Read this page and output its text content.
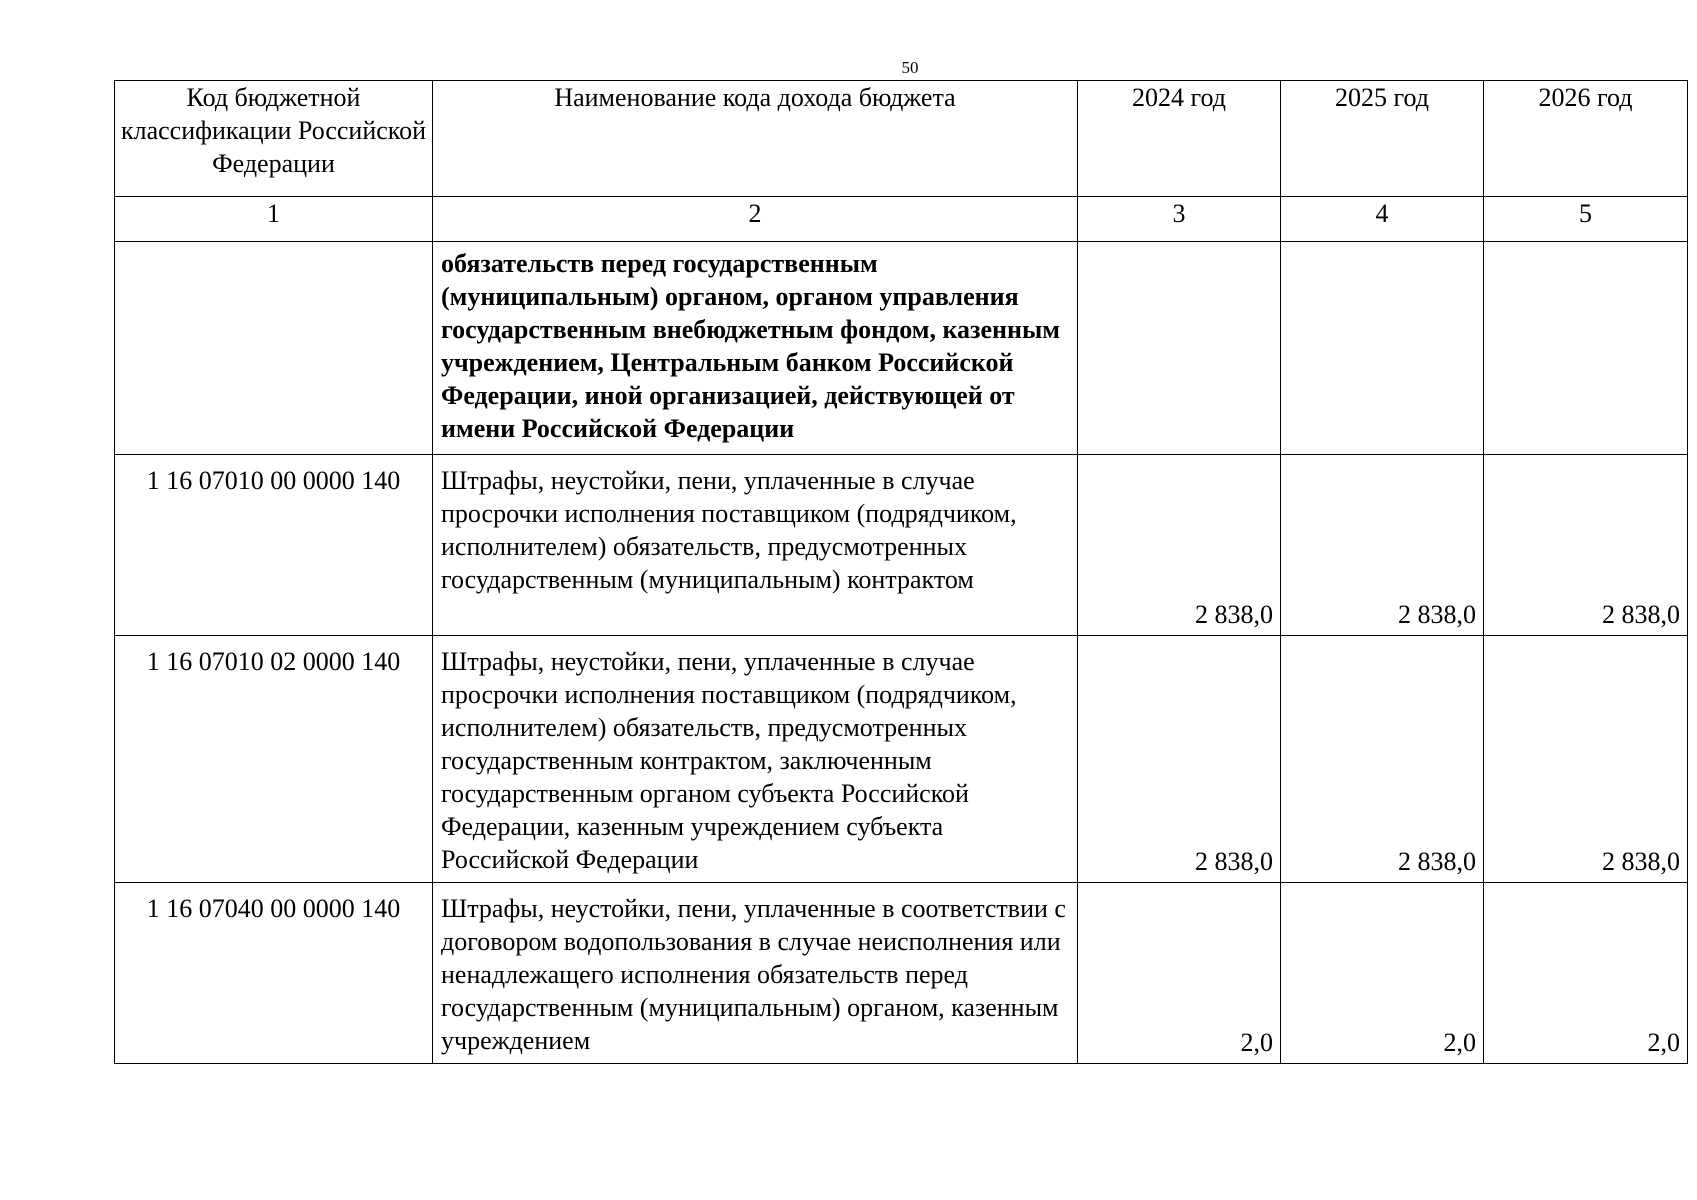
50
Код бюджетной классификации Российской Федерации	Наименование кода дохода бюджета	2024 год	2025 год	2026 год
1	2	3	4	5
	обязательств перед государственным (муниципальным) органом, органом управления государственным внебюджетным фондом, казенным учреждением, Центральным банком Российской Федерации, иной организацией, действующей от имени Российской Федерации			
1 16 07010 00 0000 140	Штрафы, неустойки, пени, уплаченные в случае просрочки исполнения поставщиком (подрядчиком, исполнителем) обязательств, предусмотренных государственным (муниципальным) контрактом	2 838,0	2 838,0	2 838,0
1 16 07010 02 0000 140	Штрафы, неустойки, пени, уплаченные в случае просрочки исполнения поставщиком (подрядчиком, исполнителем) обязательств, предусмотренных государственным контрактом, заключенным государственным органом субъекта Российской Федерации, казенным учреждением субъекта Российской Федерации	2 838,0	2 838,0	2 838,0
1 16 07040 00 0000 140	Штрафы, неустойки, пени, уплаченные в соответствии с договором водопользования в случае неисполнения или ненадлежащего исполнения обязательств перед государственным (муниципальным) органом, казенным учреждением	2,0	2,0	2,0
